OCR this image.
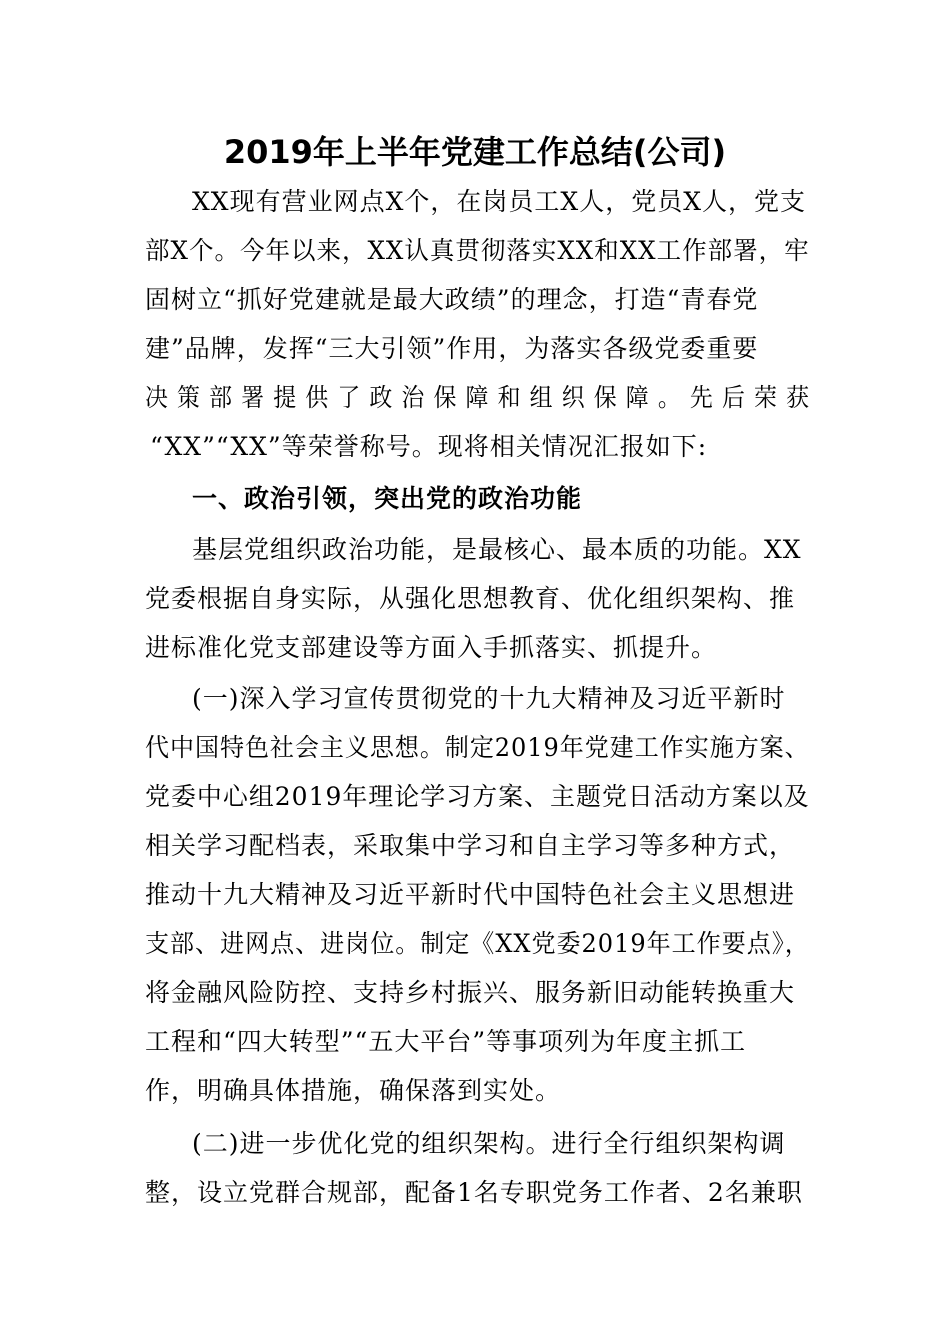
2019年上半年党建工作总结(公司)
XX现有营业网点X个，在岗员工X人，党员X人，党支
部X个。今年以来，XX认真贯彻落实XX和XX工作部署，牢
固树立“抓好党建就是最大政绩”的理念，打造“青春党
建”品牌，发挥“三大引领”作用，为落实各级党委重要
决 策 部 署 提 供 了 政 治 保 障 和 组 织 保 障 。 先 后 荣 获
“XX”“XX”等荣誉称号。现将相关情况汇报如下:
一、政治引领，突出党的政治功能
基层党组织政治功能，是最核心、最本质的功能。XX
党委根据自身实际，从强化思想教育、优化组织架构、推
进标准化党支部建设等方面入手抓落实、抓提升。
(一)深入学习宣传贯彻党的十九大精神及习近平新时
代中国特色社会主义思想。制定2019年党建工作实施方案、
党委中心组2019年理论学习方案、主题党日活动方案以及
相关学习配档表，采取集中学习和自主学习等多种方式，
推动十九大精神及习近平新时代中国特色社会主义思想进
支部、进网点、进岗位。制定《XX党委2019年工作要点》，
将金融风险防控、支持乡村振兴、服务新旧动能转换重大
工程和“四大转型”“五大平台”等事项列为年度主抓工
作，明确具体措施，确保落到实处。
(二)进一步优化党的组织架构。进行全行组织架构调
整，设立党群合规部，配备1名专职党务工作者、2名兼职
